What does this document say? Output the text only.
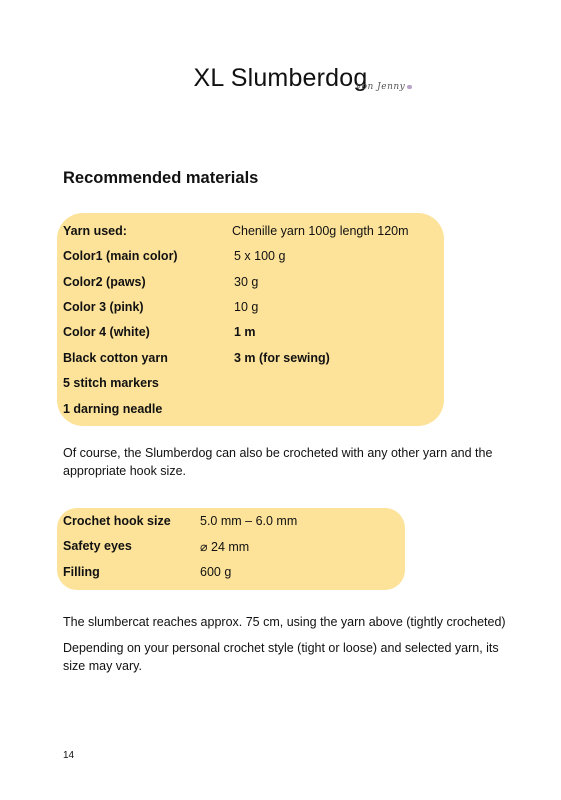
XL Slumberdog
von Jenny
Recommended materials
Yarn used:	Chenille yarn 100g length 120m
Color1 (main color)	5 x 100 g
Color2 (paws)	30 g
Color 3 (pink)	10 g
Color 4 (white)	1 m
Black cotton yarn	3 m (for sewing)
5 stitch markers
1 darning neadle
Of course, the Slumberdog can also be crocheted with any other yarn and the
appropriate hook size.
Crochet hook size 5.0 mm – 6.0 mm
Safety eyes	⌀ 24 mm
Filling	600 g
The slumbercat reaches approx. 75 cm, using the yarn above (tightly crocheted)
Depending on your personal crochet style (tight or loose) and selected yarn, its
size may vary.
14
